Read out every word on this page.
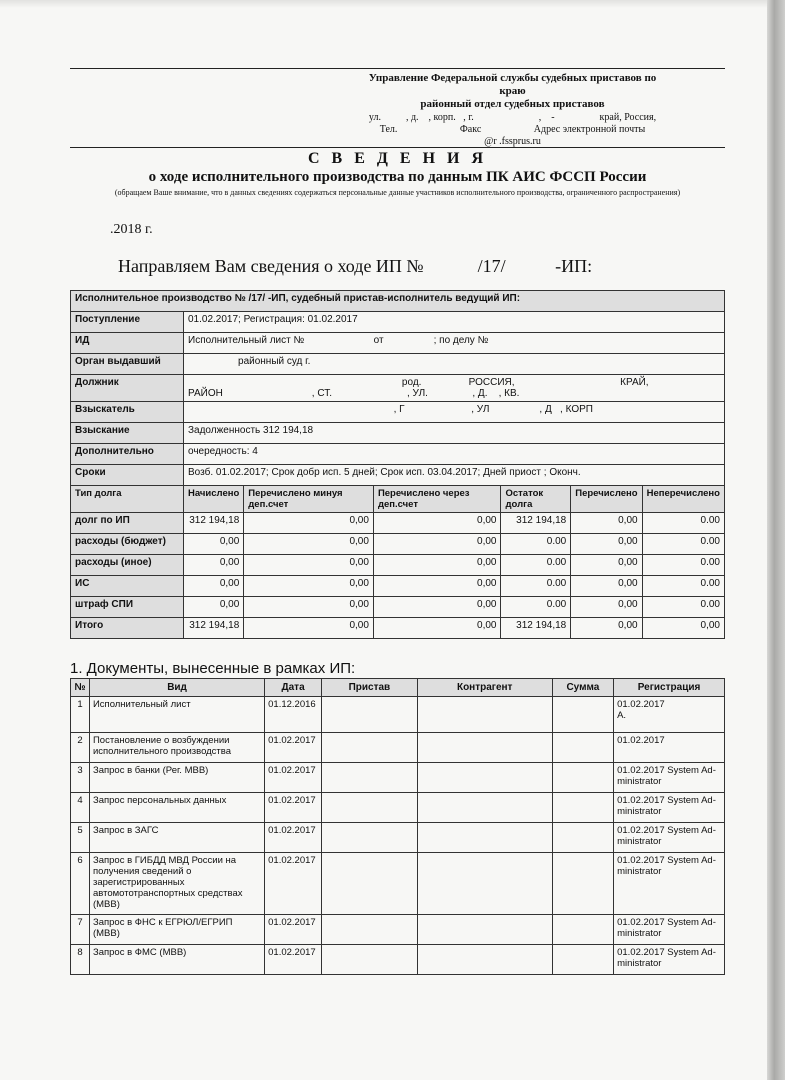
Управление Федеральной службы судебных приставов по
краю
районный отдел судебных приставов
ул.          , д.    , корп.   , г.                          ,    -                  край, Россия,
Тел.                         Факс                     Адрес электронной почты
@r .fssprus.ru
С В Е Д Е Н И Я
о ходе исполнительного производства по данным ПК АИС ФССП России
(обращаем Ваше внимание, что в данных сведениях содержаться персональные данные участников исполнительного производства, ограниченного распространения)
.2018 г.
Направляем Вам сведения о ходе ИП №            /17/           -ИП:
Исполнительное производство № /17/ -ИП, судебный пристав-исполнитель ведущий ИП:						
Поступление	01.02.2017; Регистрация: 01.02.2017					
ИД	Исполнительный лист №                         от                  ; по делу №					
Орган выдавший	районный суд г.					
Должник	род.                 РОССИЯ,                                      КРАЙ,
РАЙОН                                , СТ.                           , УЛ.                , Д.    , КВ.					
Взыскатель	, Г                        , УЛ                  , Д   , КОРП					
Взыскание	Задолженность 312 194,18					
Дополнительно	очередность: 4					
Сроки	Возб. 01.02.2017; Срок добр исп. 5 дней; Срок исп. 03.04.2017; Дней приост ; Оконч.					
Тип долга	Начислено	Перечислено минуя деп.счет	Перечислено через деп.счет	Остаток долга	Перечислено	Неперечислено
долг по ИП	312 194,18	0,00	0,00	312 194,18	0,00	0.00
расходы (бюджет)	0,00	0,00	0,00	0.00	0,00	0.00
расходы (иное)	0,00	0,00	0,00	0.00	0,00	0.00
ИС	0,00	0,00	0,00	0.00	0,00	0.00
штраф СПИ	0,00	0,00	0,00	0.00	0,00	0.00
Итого	312 194,18	0,00	0,00	312 194,18	0,00	0,00
1. Документы, вынесенные в рамках ИП:
№	Вид	Дата	Пристав	Контрагент	Сумма	Регистрация
1	Исполнительный лист	01.12.2016				01.02.2017
А.
2	Постановление о возбуждении исполнительного производства	01.02.2017				01.02.2017
3	Запрос в банки (Рег. МВВ)	01.02.2017				01.02.2017 System Ad-ministrator
4	Запрос персональных данных	01.02.2017				01.02.2017 System Ad-ministrator
5	Запрос в ЗАГС	01.02.2017				01.02.2017 System Ad-ministrator
6	Запрос в ГИБДД МВД России на получения сведений о зарегистрированных автомототранспортных средствах (МВВ)	01.02.2017				01.02.2017 System Ad-ministrator
7	Запрос в ФНС к ЕГРЮЛ/ЕГРИП (МВВ)	01.02.2017				01.02.2017 System Ad-ministrator
8	Запрос в ФМС (МВВ)	01.02.2017				01.02.2017 System Ad-ministrator
